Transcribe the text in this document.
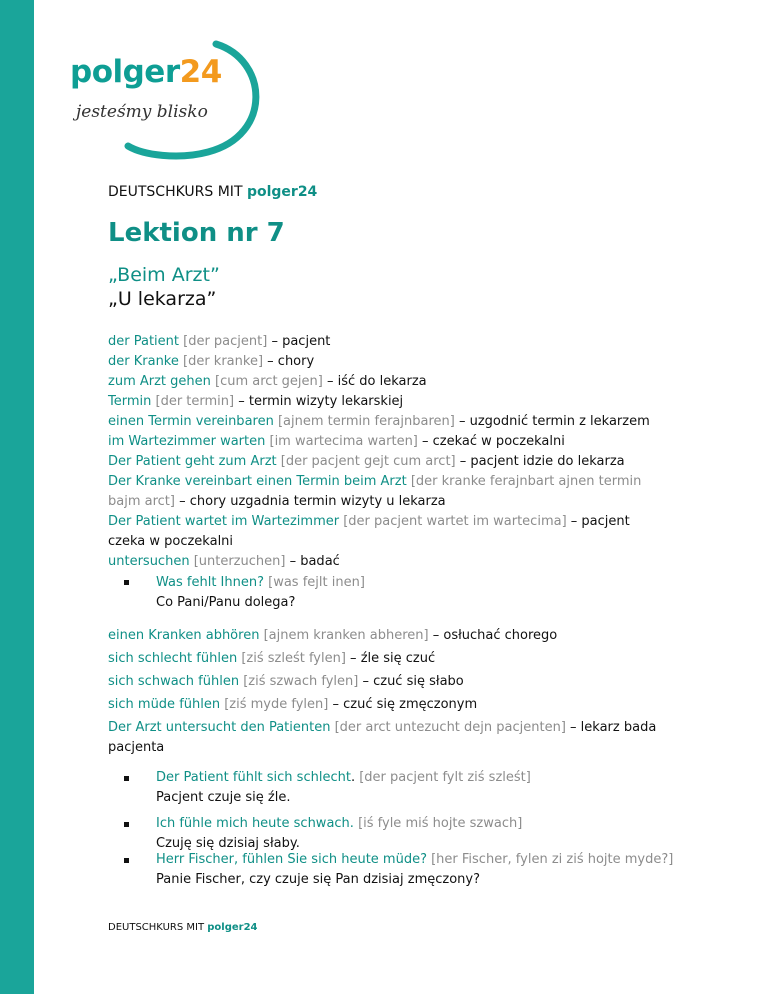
polger24
jesteśmy blisko
DEUTSCHKURS MIT polger24
Lektion nr 7
„Beim Arzt”
„U lekarza”
der Patient [der pacjent] – pacjent
der Kranke [der kranke] – chory
zum Arzt gehen [cum arct gejen] – iść do lekarza
Termin [der termin] – termin wizyty lekarskiej
einen Termin vereinbaren [ajnem termin ferajnbaren] – uzgodnić termin z lekarzem
im Wartezimmer warten [im wartecima warten] – czekać w poczekalni
Der Patient geht zum Arzt [der pacjent gejt cum arct] – pacjent idzie do lekarza
Der Kranke vereinbart einen Termin beim Arzt [der kranke ferajnbart ajnen termin bajm arct] – chory uzgadnia termin wizyty u lekarza
Der Patient wartet im Wartezimmer [der pacjent wartet im wartecima] – pacjent czeka w poczekalni
untersuchen [unterzuchen] – badać
Was fehlt Ihnen? [was fejlt inen]
Co Pani/Panu dolega?
einen Kranken abhören [ajnem kranken abheren] – osłuchać chorego
sich schlecht fühlen [ziś szleśt fylen] – źle się czuć
sich schwach fühlen [ziś szwach fylen] – czuć się słabo
sich müde fühlen [ziś myde fylen] – czuć się zmęczonym
Der Arzt untersucht den Patienten [der arct untezucht dejn pacjenten] – lekarz bada pacjenta
Der Patient fühlt sich schlecht. [der pacjent fylt ziś szleśt]
Pacjent czuje się źle.
Ich fühle mich heute schwach. [iś fyle miś hojte szwach]
Czuję się dzisiaj słaby.
Herr Fischer, fühlen Sie sich heute müde? [her Fischer, fylen zi ziś hojte myde?]
Panie Fischer, czy czuje się Pan dzisiaj zmęczony?
DEUTSCHKURS MIT polger24
